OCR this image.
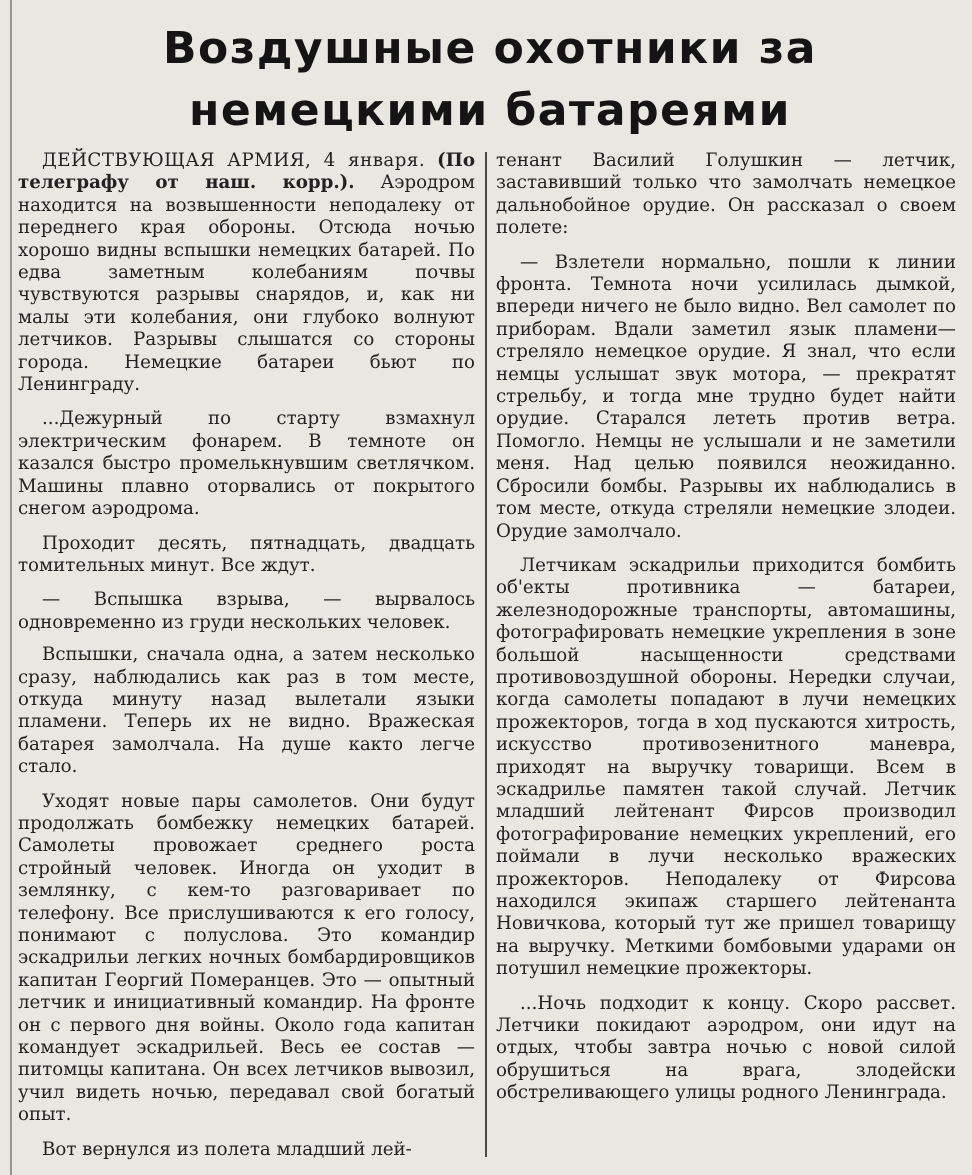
Воздушные охотники за немецкими батареями

ДЕЙСТВУЮЩАЯ АРМИЯ, 4 января. (По телеграфу от наш. корр.). Аэродром находится на возвышенности неподалеку от переднего края обороны. Отсюда ночью хорошо видны вспышки немецких батарей. По едва заметным колебаниям почвы чувствуются разрывы снарядов, и, как ни малы эти колебания, они глубоко волнуют летчиков. Разрывы слышатся со стороны города. Немецкие батареи бьют по Ленинграду.

...Дежурный по старту взмахнул электрическим фонарем. В темноте он казался быстро промелькнувшим светлячком. Машины плавно оторвались от покрытого снегом аэродрома.

Проходит десять, пятнадцать, двадцать томительных минут. Все ждут.

— Вспышка взрыва, — вырвалось одновременно из груди нескольких человек.

Вспышки, сначала одна, а затем несколько сразу, наблюдались как раз в том месте, откуда минуту назад вылетали языки пламени. Теперь их не видно. Вражеская батарея замолчала. На душе както легче стало.

Уходят новые пары самолетов. Они будут продолжать бомбежку немецких батарей. Самолеты провожает среднего роста стройный человек. Иногда он уходит в землянку, с кем-то разговаривает по телефону. Все прислушиваются к его голосу, понимают с полуслова. Это командир эскадрильи легких ночных бомбардировщиков капитан Георгий Померанцев. Это — опытный летчик и инициативный командир. На фронте он с первого дня войны. Около года капитан командует эскадрильей. Весь ее состав — питомцы капитана. Он всех летчиков вывозил, учил видеть ночью, передавал свой богатый опыт.

Вот вернулся из полета младший лей-

тенант Василий Голушкин — летчик, заставивший только что замолчать немецкое дальнобойное орудие. Он рассказал о своем полете:

— Взлетели нормально, пошли к линии фронта. Темнота ночи усилилась дымкой, впереди ничего не было видно. Вел самолет по приборам. Вдали заметил язык пламени—стреляло немецкое орудие. Я знал, что если немцы услышат звук мотора, — прекратят стрельбу, и тогда мне трудно будет найти орудие. Старался лететь против ветра. Помогло. Немцы не услышали и не заметили меня. Над целью появился неожиданно. Сбросили бомбы. Разрывы их наблюдались в том месте, откуда стреляли немецкие злодеи. Орудие замолчало.

Летчикам эскадрильи приходится бомбить об'екты противника — батареи, железнодорожные транспорты, автомашины, фотографировать немецкие укрепления в зоне большой насыщенности средствами противовоздушной обороны. Нередки случаи, когда самолеты попадают в лучи немецких прожекторов, тогда в ход пускаются хитрость, искусство противозенитного маневра, приходят на выручку товарищи. Всем в эскадрилье памятен такой случай. Летчик младший лейтенант Фирсов производил фотографирование немецких укреплений, его поймали в лучи несколько вражеских прожекторов. Неподалеку от Фирсова находился экипаж старшего лейтенанта Новичкова, который тут же пришел товарищу на выручку. Меткими бомбовыми ударами он потушил немецкие прожекторы.

...Ночь подходит к концу. Скоро рассвет. Летчики покидают аэродром, они идут на отдых, чтобы завтра ночью с новой силой обрушиться на врага, злодейски обстреливающего улицы родного Ленинграда.
